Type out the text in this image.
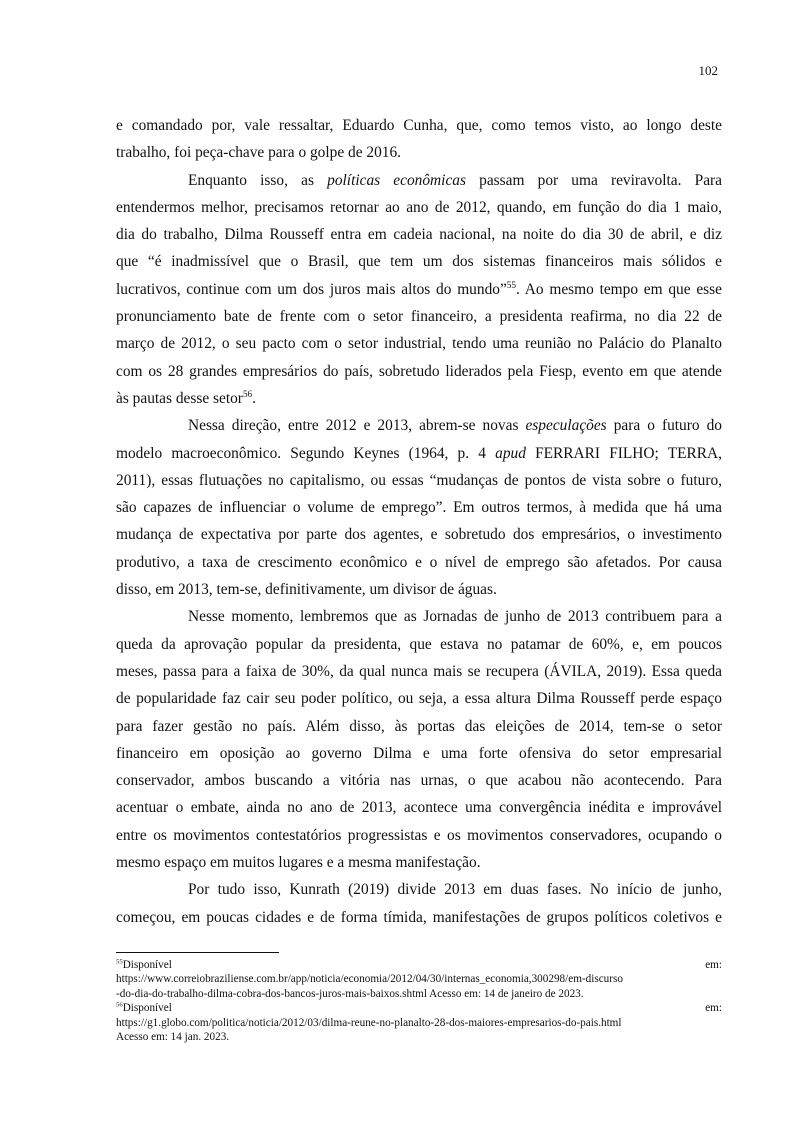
102
e comandado por, vale ressaltar, Eduardo Cunha, que, como temos visto, ao longo deste
trabalho, foi peça-chave para o golpe de 2016.
Enquanto isso, as políticas econômicas passam por uma reviravolta. Para
entendermos melhor, precisamos retornar ao ano de 2012, quando, em função do dia 1 maio,
dia do trabalho, Dilma Rousseff entra em cadeia nacional, na noite do dia 30 de abril, e diz
que “é inadmissível que o Brasil, que tem um dos sistemas financeiros mais sólidos e
lucrativos, continue com um dos juros mais altos do mundo”$^{55}$. Ao mesmo tempo em que esse
pronunciamento bate de frente com o setor financeiro, a presidenta reafirma, no dia 22 de
março de 2012, o seu pacto com o setor industrial, tendo uma reunião no Palácio do Planalto
com os 28 grandes empresários do país, sobretudo liderados pela Fiesp, evento em que atende
às pautas desse setor$^{56}$.
Nessa direção, entre 2012 e 2013, abrem-se novas especulações para o futuro do
modelo macroeconômico. Segundo Keynes (1964, p. 4 apud FERRARI FILHO; TERRA,
2011), essas flutuações no capitalismo, ou essas “mudanças de pontos de vista sobre o futuro,
são capazes de influenciar o volume de emprego”. Em outros termos, à medida que há uma
mudança de expectativa por parte dos agentes, e sobretudo dos empresários, o investimento
produtivo, a taxa de crescimento econômico e o nível de emprego são afetados. Por causa
disso, em 2013, tem-se, definitivamente, um divisor de águas.
Nesse momento, lembremos que as Jornadas de junho de 2013 contribuem para a
queda da aprovação popular da presidenta, que estava no patamar de 60%, e, em poucos
meses, passa para a faixa de 30%, da qual nunca mais se recupera (ÁVILA, 2019). Essa queda
de popularidade faz cair seu poder político, ou seja, a essa altura Dilma Rousseff perde espaço
para fazer gestão no país. Além disso, às portas das eleições de 2014, tem-se o setor
financeiro em oposição ao governo Dilma e uma forte ofensiva do setor empresarial
conservador, ambos buscando a vitória nas urnas, o que acabou não acontecendo. Para
acentuar o embate, ainda no ano de 2013, acontece uma convergência inédita e improvável
entre os movimentos contestatórios progressistas e os movimentos conservadores, ocupando o
mesmo espaço em muitos lugares e a mesma manifestação.
Por tudo isso, Kunrath (2019) divide 2013 em duas fases. No início de junho,
começou, em poucas cidades e de forma tímida, manifestações de grupos políticos coletivos e
$^{55}$Disponível	em:
https://www.correiobraziliense.com.br/app/noticia/economia/2012/04/30/internas_economia,300298/em-discurso
-do-dia-do-trabalho-dilma-cobra-dos-bancos-juros-mais-baixos.shtml Acesso em: 14 de janeiro de 2023.
$^{56}$Disponível	em:
https://g1.globo.com/politica/noticia/2012/03/dilma-reune-no-planalto-28-dos-maiores-empresarios-do-pais.html
Acesso em: 14 jan. 2023.
